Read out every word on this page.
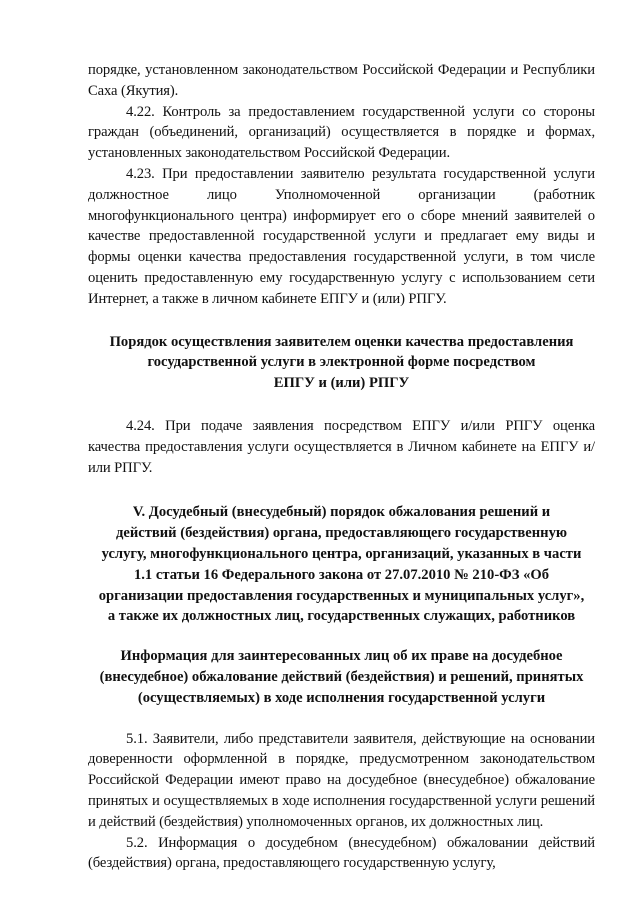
порядке, установленном законодательством Российской Федерации и Республики Саха (Якутия).

4.22. Контроль за предоставлением государственной услуги со стороны граждан (объединений, организаций) осуществляется в порядке и формах, установленных законодательством Российской Федерации.

4.23. При предоставлении заявителю результата государственной услуги должностное лицо Уполномоченной организации (работник многофункционального центра) информирует его о сборе мнений заявителей о качестве предоставленной государственной услуги и предлагает ему виды и формы оценки качества предоставления государственной услуги, в том числе оценить предоставленную ему государственную услугу с использованием сети Интернет, а также в личном кабинете ЕПГУ и (или) РПГУ.

Порядок осуществления заявителем оценки качества предоставления
государственной услуги в электронной форме посредством
ЕПГУ и (или) РПГУ

4.24. При подаче заявления посредством ЕПГУ и/или РПГУ оценка качества предоставления услуги осуществляется в Личном кабинете на ЕПГУ и/или РПГУ.

V. Досудебный (внесудебный) порядок обжалования решений и
действий (бездействия) органа, предоставляющего государственную
услугу, многофункционального центра, организаций, указанных в части
1.1 статьи 16 Федерального закона от 27.07.2010 № 210-ФЗ «Об
организации предоставления государственных и муниципальных услуг»,
а также их должностных лиц, государственных служащих, работников
Информация для заинтересованных лиц об их праве на досудебное
(внесудебное) обжалование действий (бездействия) и решений, принятых
(осуществляемых) в ходе исполнения государственной услуги

5.1. Заявители, либо представители заявителя, действующие на основании доверенности оформленной в порядке, предусмотренном законодательством Российской Федерации имеют право на досудебное (внесудебное) обжалование принятых и осуществляемых в ходе исполнения государственной услуги решений и действий (бездействия) уполномоченных органов, их должностных лиц.

5.2. Информация о досудебном (внесудебном) обжаловании действий (бездействия) органа, предоставляющего государственную услугу,
